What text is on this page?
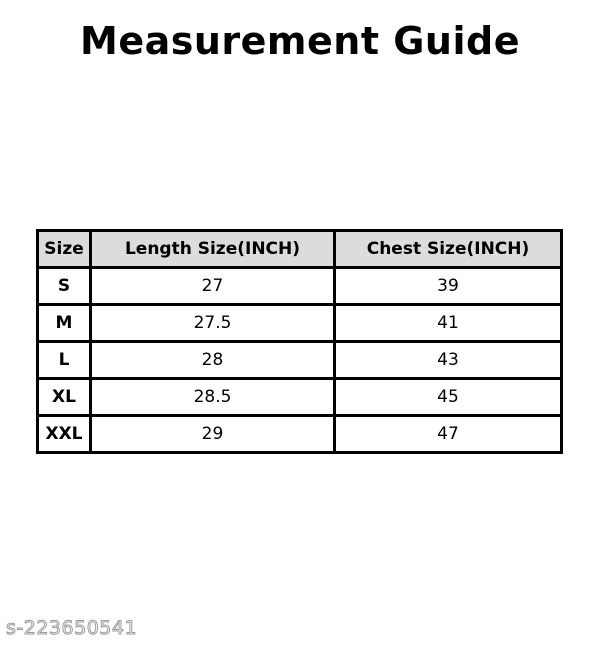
Measurement Guide
Size	Length Size(INCH)	Chest Size(INCH)
S	27	39
M	27.5	41
L	28	43
XL	28.5	45
XXL	29	47
s-223650541
